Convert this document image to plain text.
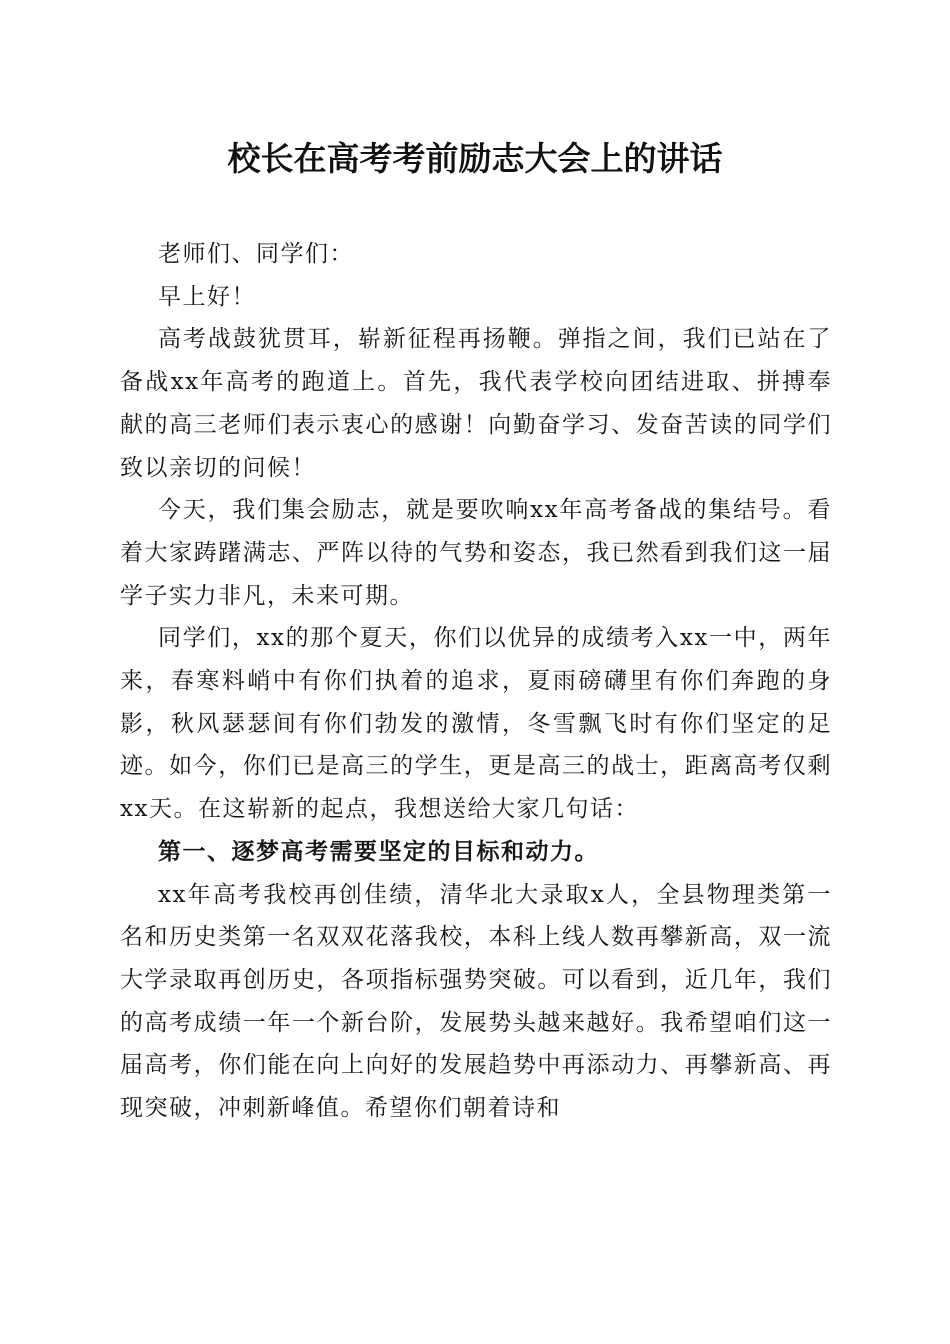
校长在高考考前励志大会上的讲话

老师们、同学们：

早上好！

高考战鼓犹贯耳，崭新征程再扬鞭。弹指之间，我们已站在了备战xx年高考的跑道上。首先，我代表学校向团结进取、拼搏奉献的高三老师们表示衷心的感谢！向勤奋学习、发奋苦读的同学们致以亲切的问候！

今天，我们集会励志，就是要吹响xx年高考备战的集结号。看着大家踌躇满志、严阵以待的气势和姿态，我已然看到我们这一届学子实力非凡，未来可期。

同学们，xx的那个夏天，你们以优异的成绩考入xx一中，两年来，春寒料峭中有你们执着的追求，夏雨磅礴里有你们奔跑的身影，秋风瑟瑟间有你们勃发的激情，冬雪飘飞时有你们坚定的足迹。如今，你们已是高三的学生，更是高三的战士，距离高考仅剩xx天。在这崭新的起点，我想送给大家几句话：

第一、逐梦高考需要坚定的目标和动力。

xx年高考我校再创佳绩，清华北大录取x人，全县物理类第一名和历史类第一名双双花落我校，本科上线人数再攀新高，双一流大学录取再创历史，各项指标强势突破。可以看到，近几年，我们的高考成绩一年一个新台阶，发展势头越来越好。我希望咱们这一届高考，你们能在向上向好的发展趋势中再添动力、再攀新高、再现突破，冲刺新峰值。希望你们朝着诗和
